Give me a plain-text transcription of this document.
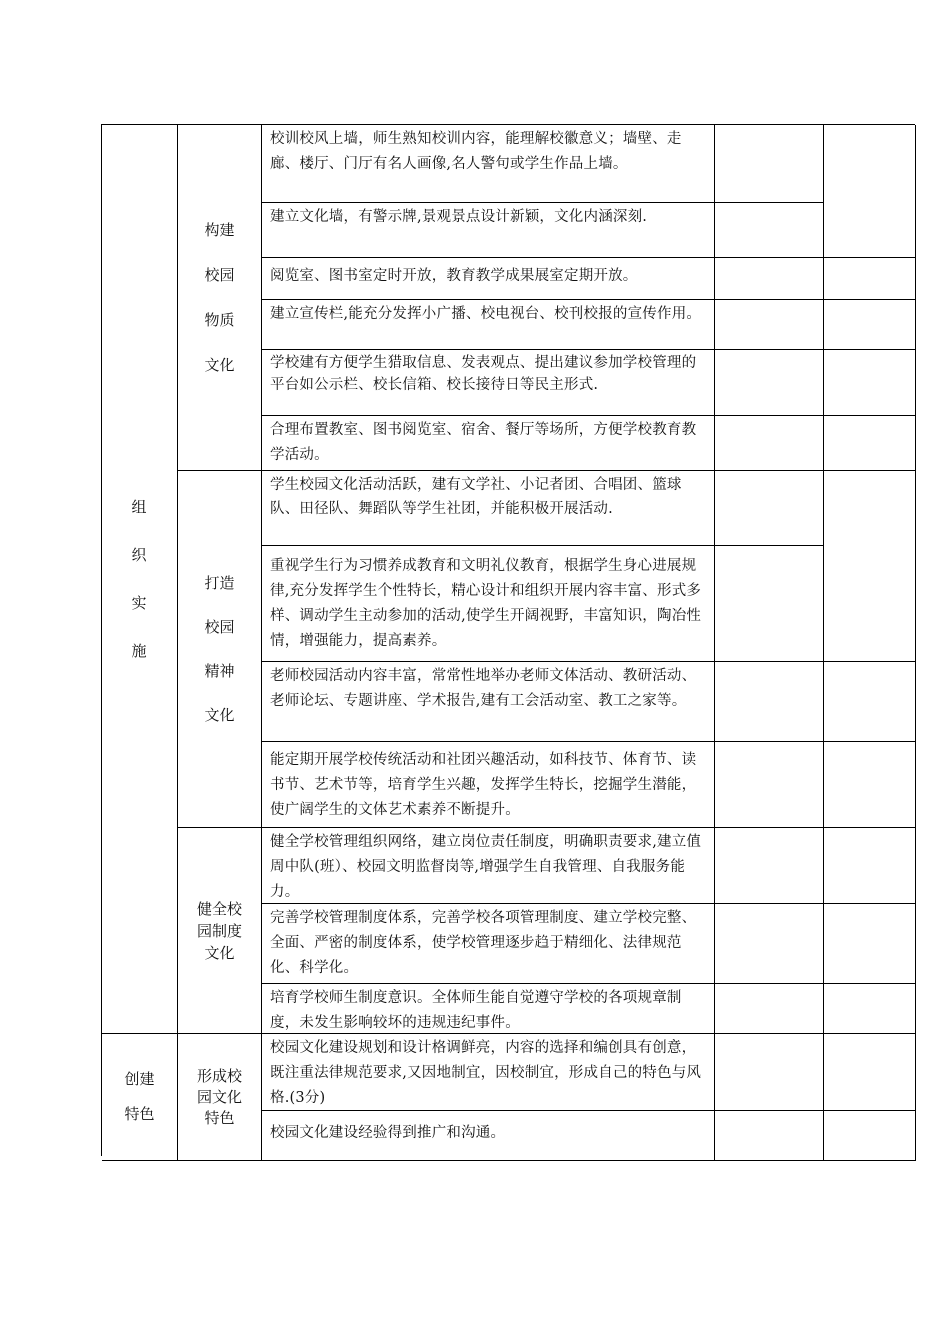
组
织
实
施
创建
特色
构建
校园
物质
文化
打造
校园
精神
文化
健全校
园制度
文化
形成校
园文化
特色
校训校风上墙，师生熟知校训内容，能理解校徽意义；墙壁、走廊、楼厅、门厅有名人画像,名人警句或学生作品上墙。
建立文化墙，有警示牌,景观景点设计新颖，文化内涵深刻.
阅览室、图书室定时开放，教育教学成果展室定期开放。
建立宣传栏,能充分发挥小广播、校电视台、校刊校报的宣传作用。
学校建有方便学生猎取信息、发表观点、提出建议参加学校管理的平台如公示栏、校长信箱、校长接待日等民主形式.
合理布置教室、图书阅览室、宿舍、餐厅等场所，方便学校教育教学活动。
学生校园文化活动活跃，建有文学社、小记者团、合唱团、篮球队、田径队、舞蹈队等学生社团，并能积极开展活动.
重视学生行为习惯养成教育和文明礼仪教育，根据学生身心进展规律,充分发挥学生个性特长，精心设计和组织开展内容丰富、形式多样、调动学生主动参加的活动,使学生开阔视野，丰富知识，陶冶性情，增强能力，提高素养。
老师校园活动内容丰富，常常性地举办老师文体活动、教研活动、老师论坛、专题讲座、学术报告,建有工会活动室、教工之家等。
能定期开展学校传统活动和社团兴趣活动，如科技节、体育节、读书节、艺术节等，培育学生兴趣，发挥学生特长，挖掘学生潜能，使广阔学生的文体艺术素养不断提升。
健全学校管理组织网络，建立岗位责任制度，明确职责要求,建立值周中队(班）、校园文明监督岗等,增强学生自我管理、自我服务能力。
完善学校管理制度体系，完善学校各项管理制度、建立学校完整、全面、严密的制度体系，使学校管理逐步趋于精细化、法律规范化、科学化。
培育学校师生制度意识。全体师生能自觉遵守学校的各项规章制度，未发生影响较坏的违规违纪事件。
校园文化建设规划和设计格调鲜亮，内容的选择和编创具有创意，既注重法律规范要求,又因地制宜，因校制宜，形成自己的特色与风格.(3分)
校园文化建设经验得到推广和沟通。
